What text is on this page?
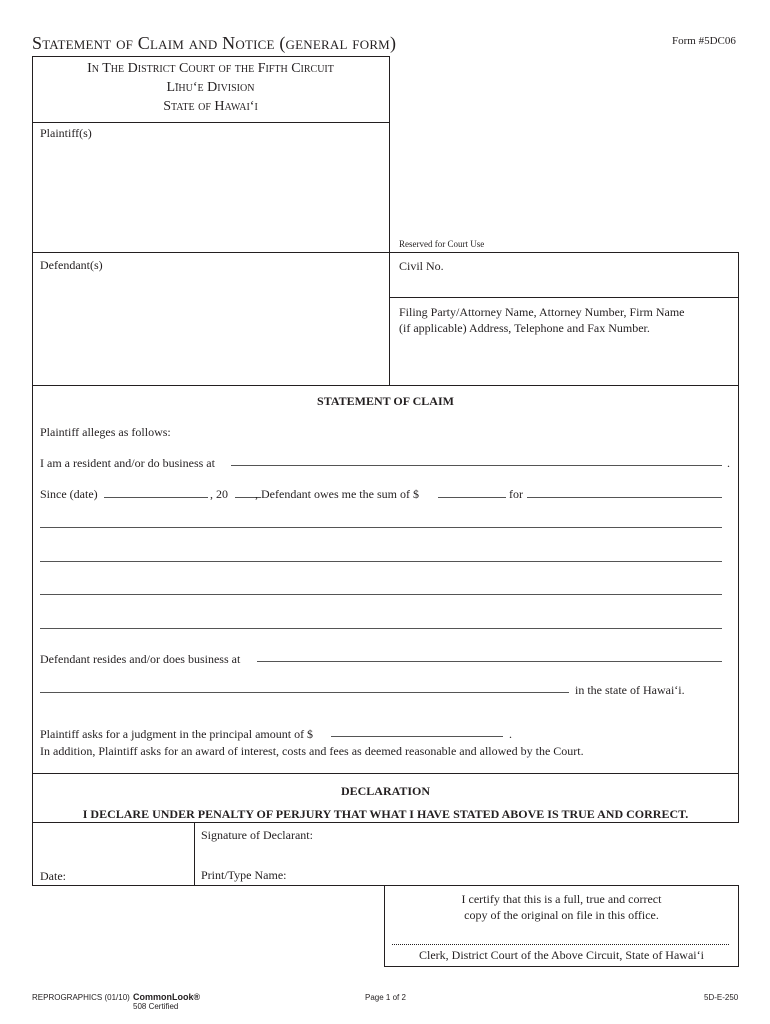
Statement of Claim and Notice (general form)	Form #5DC06
In The District Court of the Fifth Circuit
Līhu‘e Division
State of Hawai‘i
Plaintiff(s)
Reserved for Court Use
Defendant(s)	Civil No.
Filing Party/Attorney Name, Attorney Number, Firm Name
(if applicable) Address, Telephone and Fax Number.
STATEMENT OF CLAIM
Plaintiff alleges as follows:
I am a resident and/or do business at	.
Since (date)	, 20 , Defendant owes me the sum of $	for
Defendant resides and/or does business at
in the state of Hawai‘i.
Plaintiff asks for a judgment in the principal amount of $	.
In addition, Plaintiff asks for an award of interest, costs and fees as deemed reasonable and allowed by the Court.
DECLARATION
I DECLARE UNDER PENALTY OF PERJURY THAT WHAT I HAVE STATED ABOVE IS TRUE AND CORRECT.
Signature of Declarant:
Date:	Print/Type Name:
I certify that this is a full, true and correct
copy of the original on file in this office.
Clerk, District Court of the Above Circuit, State of Hawai‘i
REPROGRAPHICS (01/10) CommonLook®
508 Certified
Page 1 of 2	5D-E-250
